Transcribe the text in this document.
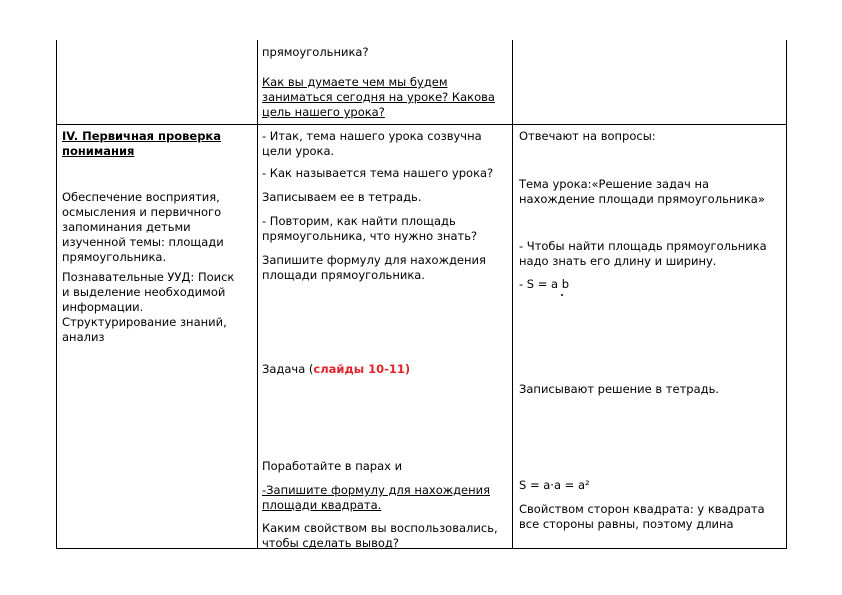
прямоугольника?
Как вы думаете чем мы будем
заниматься сегодня на уроке? Какова
цель нашего урока?
IV. Первичная проверка
понимания
Обеспечение восприятия,
осмысления и первичного
запоминания детьми
изученной темы: площади
прямоугольника.
Познавательные УУД: Поиск
и выделение необходимой
информации.
Структурирование знаний,
анализ
- Итак, тема нашего урока созвучна
цели урока.
- Как называется тема нашего урока?
Записываем ее в тетрадь.
- Повторим, как найти площадь
прямоугольника, что нужно знать?
Запишите формулу для нахождения
площади прямоугольника.
Задача (слайды 10-11)
Поработайте в парах и
-Запишите формулу для нахождения
площади квадрата.
Каким свойством вы воспользовались,
чтобы сделать вывод?
Отвечают на вопросы:
Тема урока:«Решение задач на
нахождение площади прямоугольника»
- Чтобы найти площадь прямоугольника
надо знать его длину и ширину.
- S = a b
Записывают решение в тетрадь.
S = a·a = a²
Свойством сторон квадрата: у квадрата
все стороны равны, поэтому длина
